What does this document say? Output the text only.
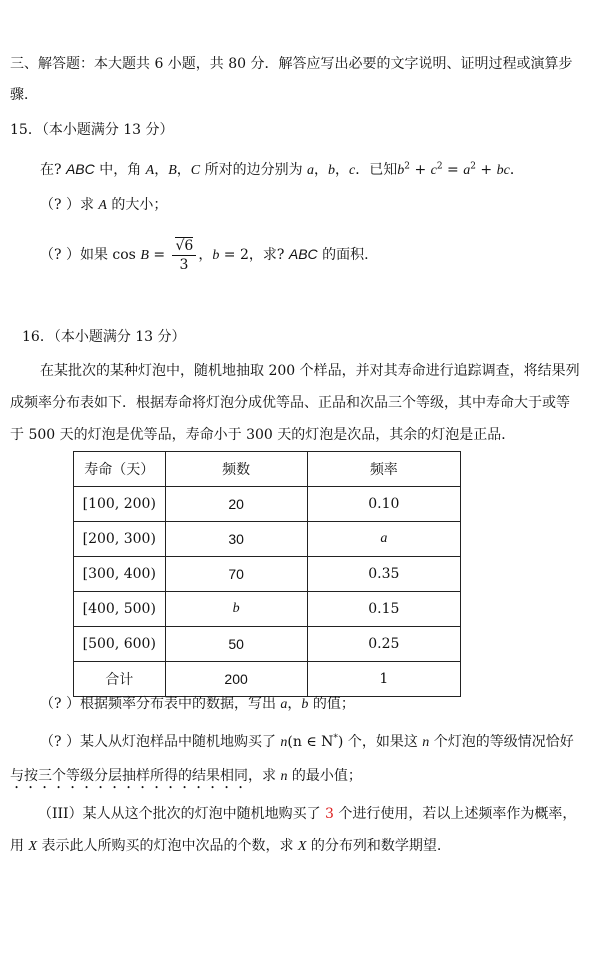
三、解答题：本大题共 6 小题，共 80 分．解答应写出必要的文字说明、证明过程或演算步
骤．
15．（本小题满分 13 分）
在? ABC 中，角 A，B，C 所对的边分别为 a，b，c．已知$b^2 + c^2 = a^2$ + bc．
（? ）求 A 的大小；
（? ）如果 $\cos B = \frac{√6}{3}$ ，b = 2，求? ABC 的面积.
16．（本小题满分 13 分）
在某批次的某种灯泡中，随机地抽取 200 个样品，并对其寿命进行追踪调查，将结果列
成频率分布表如下．根据寿命将灯泡分成优等品、正品和次品三个等级，其中寿命大于或等
于 500 天的灯泡是优等品，寿命小于 300 天的灯泡是次品，其余的灯泡是正品．
寿命（天）	频数	频率
[100, 200)	20	0.10
[200, 300)	30	a
[300, 400)	70	0.35
[400, 500)	b	0.15
[500, 600)	50	0.25
合计	200	1
（? ）根据频率分布表中的数据，写出 a，b 的值；
（? ）某人从灯泡样品中随机地购买了 n(n ∈ N*) 个，如果这 n 个灯泡的等级情况恰好
与按三个等级分层抽样所得的结果相同，求 n 的最小值；
（III）某人从这个批次的灯泡中随机地购买了 3 个进行使用，若以上述频率作为概率，
用 X 表示此人所购买的灯泡中次品的个数，求 X 的分布列和数学期望.
